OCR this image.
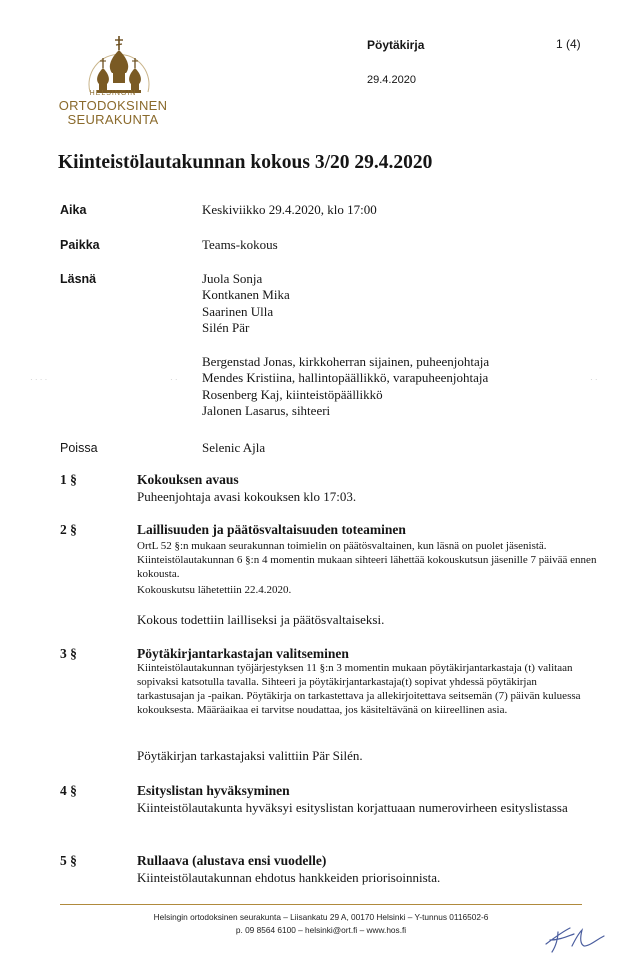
HELSINGIN
ORTODOKSINEN
SEURAKUNTA
Pöytäkirja	1 (4)
29.4.2020
Kiinteistölautakunnan kokous 3/20 29.4.2020
Aika	Keskiviikko 29.4.2020, klo 17:00
Paikka	Teams-kokous
Läsnä	Juola Sonja

Kontkanen Mika

Saarinen Ulla

Silén Pär

Bergenstad Jonas, kirkkoherran sijainen, puheenjohtaja

Mendes Kristiina, hallintopäällikkö, varapuheenjohtaja

Rosenberg Kaj, kiinteistöpäällikkö

Jalonen Lasarus, sihteeri

Poissa	Selenic Ajla
1 §	Kokouksen avaus
Puheenjohtaja avasi kokouksen klo 17:03.
2 §	Laillisuuden ja päätösvaltaisuuden toteaminen
OrtL 52 §:n mukaan seurakunnan toimielin on päätösvaltainen, kun läsnä on puolet jäsenistä.
Kiinteistölautakunnan 6 §:n 4 momentin mukaan sihteeri lähettää kokouskutsun jäsenille 7 päivää ennen kokousta.
Kokouskutsu lähetettiin 22.4.2020.
Kokous todettiin lailliseksi ja päätösvaltaiseksi.
3 §	Pöytäkirjantarkastajan valitseminen
Kiinteistölautakunnan työjärjestyksen 11 §:n 3 momentin mukaan pöytäkirjantarkastaja (t) valitaan sopivaksi katsotulla tavalla. Sihteeri ja pöytäkirjantarkastaja(t) sopivat yhdessä pöytäkirjan tarkastusajan ja -paikan. Pöytäkirja on tarkastettava ja allekirjoitettava seitsemän (7) päivän kuluessa kokouksesta. Määräaikaa ei tarvitse noudattaa, jos käsiteltävänä on kiireellinen asia.
Pöytäkirjan tarkastajaksi valittiin Pär Silén.
4 §	Esityslistan hyväksyminen
Kiinteistölautakunta hyväksyi esityslistan korjattuaan numerovirheen esityslistassa
5 §	Rullaava (alustava ensi vuodelle)
Kiinteistölautakunnan ehdotus hankkeiden priorisoinnista.
Helsingin ortodoksinen seurakunta – Liisankatu 29 A, 00170 Helsinki – Y-tunnus 0116502-6
p. 09 8564 6100 – helsinki@ort.fi – www.hos.fi
· · · ·	· ·	· ·
